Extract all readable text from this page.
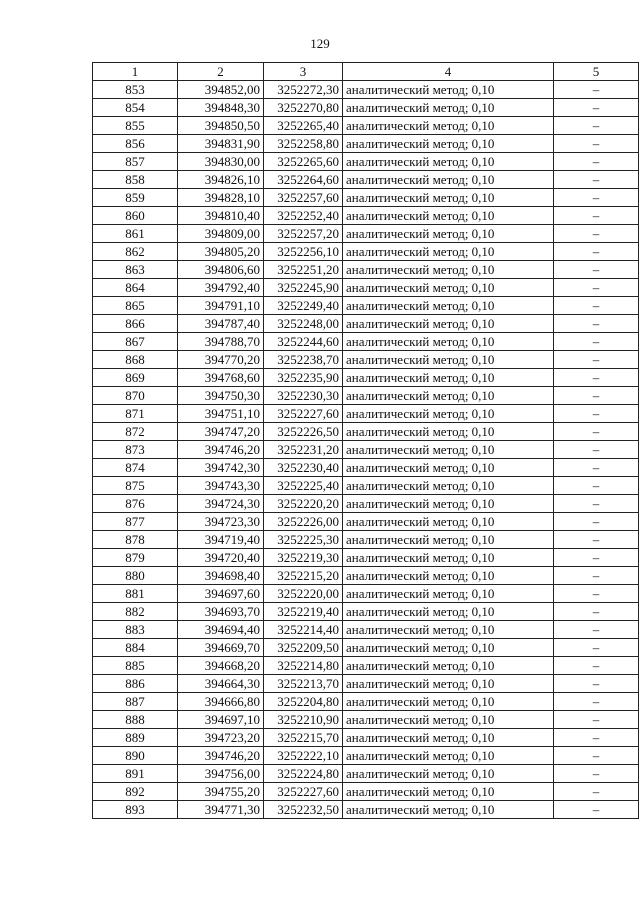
129
1	2	3	4	5
853	394852,00	3252272,30	аналитический метод; 0,10	–
854	394848,30	3252270,80	аналитический метод; 0,10	–
855	394850,50	3252265,40	аналитический метод; 0,10	–
856	394831,90	3252258,80	аналитический метод; 0,10	–
857	394830,00	3252265,60	аналитический метод; 0,10	–
858	394826,10	3252264,60	аналитический метод; 0,10	–
859	394828,10	3252257,60	аналитический метод; 0,10	–
860	394810,40	3252252,40	аналитический метод; 0,10	–
861	394809,00	3252257,20	аналитический метод; 0,10	–
862	394805,20	3252256,10	аналитический метод; 0,10	–
863	394806,60	3252251,20	аналитический метод; 0,10	–
864	394792,40	3252245,90	аналитический метод; 0,10	–
865	394791,10	3252249,40	аналитический метод; 0,10	–
866	394787,40	3252248,00	аналитический метод; 0,10	–
867	394788,70	3252244,60	аналитический метод; 0,10	–
868	394770,20	3252238,70	аналитический метод; 0,10	–
869	394768,60	3252235,90	аналитический метод; 0,10	–
870	394750,30	3252230,30	аналитический метод; 0,10	–
871	394751,10	3252227,60	аналитический метод; 0,10	–
872	394747,20	3252226,50	аналитический метод; 0,10	–
873	394746,20	3252231,20	аналитический метод; 0,10	–
874	394742,30	3252230,40	аналитический метод; 0,10	–
875	394743,30	3252225,40	аналитический метод; 0,10	–
876	394724,30	3252220,20	аналитический метод; 0,10	–
877	394723,30	3252226,00	аналитический метод; 0,10	–
878	394719,40	3252225,30	аналитический метод; 0,10	–
879	394720,40	3252219,30	аналитический метод; 0,10	–
880	394698,40	3252215,20	аналитический метод; 0,10	–
881	394697,60	3252220,00	аналитический метод; 0,10	–
882	394693,70	3252219,40	аналитический метод; 0,10	–
883	394694,40	3252214,40	аналитический метод; 0,10	–
884	394669,70	3252209,50	аналитический метод; 0,10	–
885	394668,20	3252214,80	аналитический метод; 0,10	–
886	394664,30	3252213,70	аналитический метод; 0,10	–
887	394666,80	3252204,80	аналитический метод; 0,10	–
888	394697,10	3252210,90	аналитический метод; 0,10	–
889	394723,20	3252215,70	аналитический метод; 0,10	–
890	394746,20	3252222,10	аналитический метод; 0,10	–
891	394756,00	3252224,80	аналитический метод; 0,10	–
892	394755,20	3252227,60	аналитический метод; 0,10	–
893	394771,30	3252232,50	аналитический метод; 0,10	–
